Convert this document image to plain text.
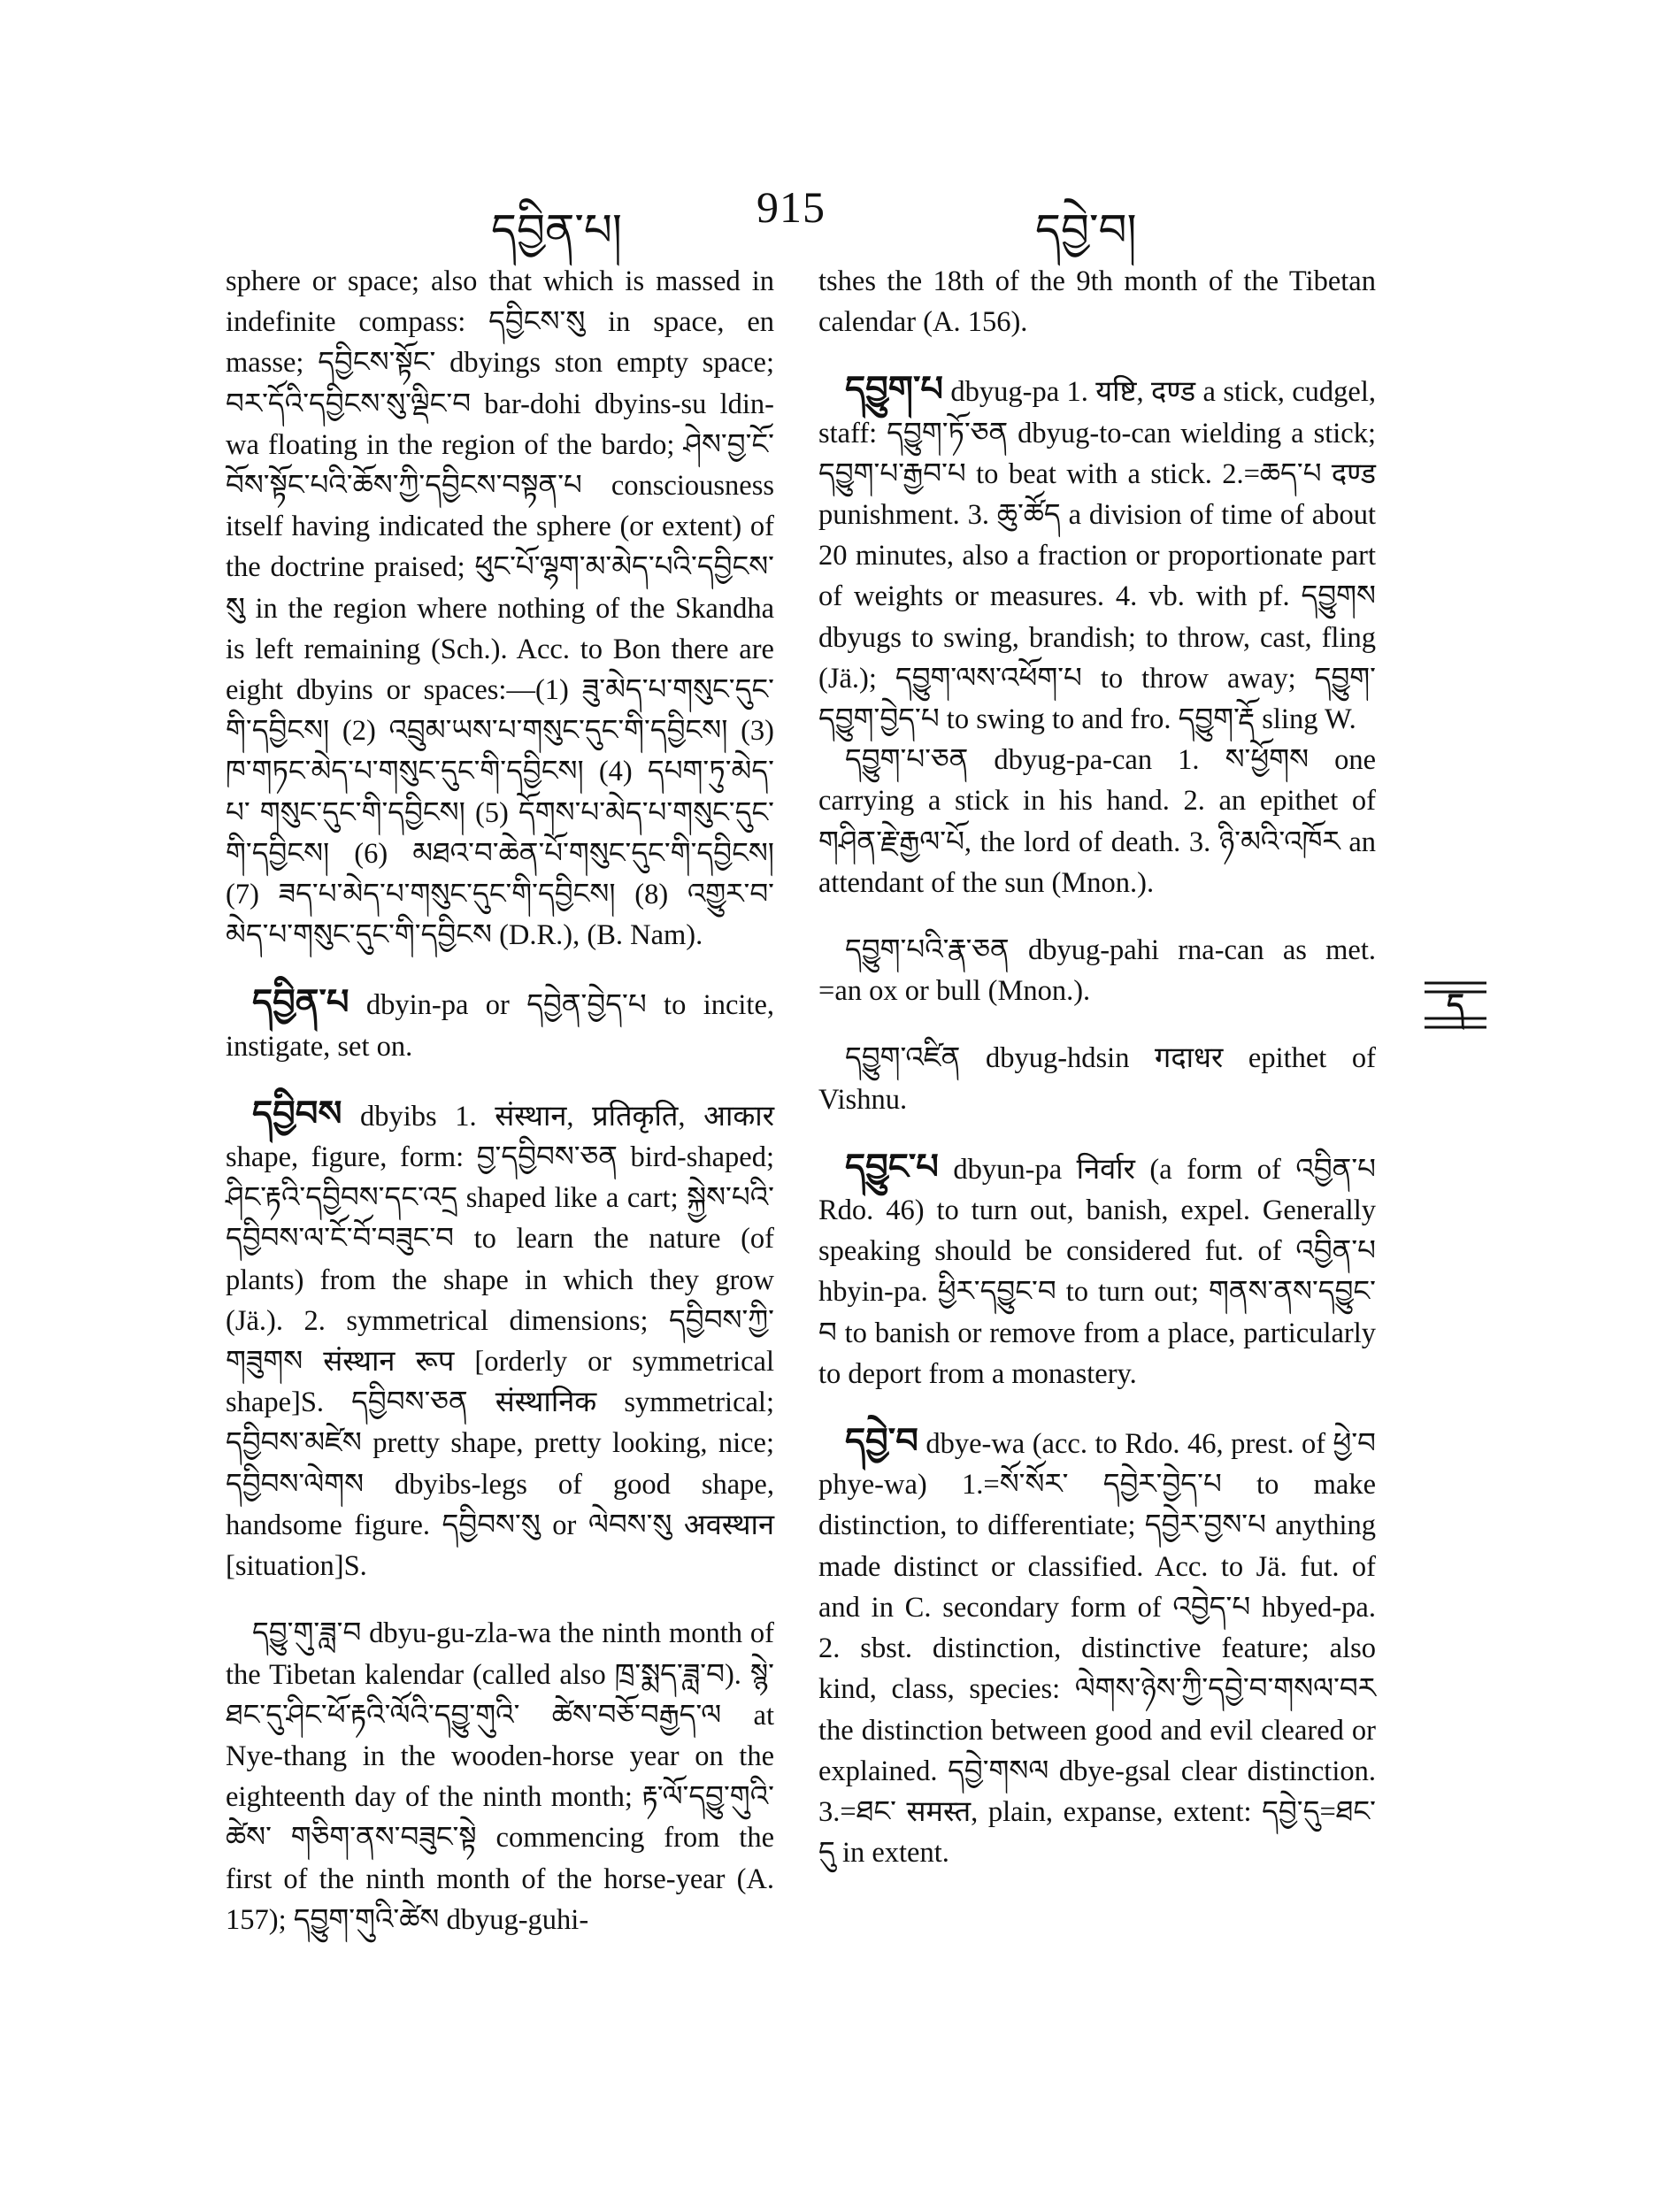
དབྱིན་པ།	915	དབྱེ་བ།

sphere or space; also that which is massed in indefinite compass: དབྱིངས་སུ in space, en masse; དབྱིངས་སྟོང་ dbyings ston empty space; བར་དོའི་དབྱིངས་སུ་ལྡིང་བ bar-dohi dbyins-su ldin-wa floating in the region of the bardo; ཤེས་བྱ་ངོ་བོས་སྟོང་པའི་ཆོས་ཀྱི་དབྱིངས་བསྟན་པ consciousness itself having indicated the sphere (or extent) of the doctrine praised; ཕུང་པོ་ལྷག་མ་མེད་པའི་དབྱིངས་སུ in the region where nothing of the Skandha is left remaining (Sch.). Acc. to Bon there are eight dbyins or spaces:—(1) ཟུ་མེད་པ་གསུང་དུང་གི་དབྱིངས། (2) འབྲུམ་ཡས་པ་གསུང་དུང་གི་དབྱིངས། (3) ཁ་གཏང་མེད་པ་གསུང་དུང་གི་དབྱིངས། (4) དཔག་ཏུ་མེད་པ་ གསུང་དུང་གི་དབྱིངས། (5) དོགས་པ་མེད་པ་གསུང་དུང་གི་དབྱིངས། (6) མཐའ་བ་ཆེན་པོ་གསུང་དུང་གི་དབྱིངས། (7) ཟད་པ་མེད་པ་གསུང་དུང་གི་དབྱིངས། (8) འགྱུར་བ་མེད་པ་གསུང་དུང་གི་དབྱིངས (D.R.), (B. Nam).

དབྱིན་པ dbyin-pa or དབྱེན་བྱེད་པ to incite, instigate, set on.

དབྱིབས dbyibs 1. संस्थान, प्रतिकृति, आकार shape, figure, form: བྱ་དབྱིབས་ཅན bird-shaped; ཤིང་རྟའི་དབྱིབས་དང་འདྲ shaped like a cart; སྐྱེས་པའི་དབྱིབས་ལ་ངོ་བོ་བཟུང་བ to learn the nature (of plants) from the shape in which they grow (Jä.). 2. symmetrical dimensions; དབྱིབས་ཀྱི་གཟུགས संस्थान रूप [orderly or symmetrical shape]S. དབྱིབས་ཅན संस्थानिक symmetrical; དབྱིབས་མཛེས pretty shape, pretty looking, nice; དབྱིབས་ལེགས dbyibs-legs of good shape, handsome figure. དབྱིབས་སུ or ལེབས་སུ अवस्थान [situation]S.

དབྱུ་གུ་ཟླ་བ dbyu-gu-zla-wa the ninth month of the Tibetan kalendar (called also ཁྲ་སྨད་ཟླ་བ). སྙེ་ཐང་དུ་ཤིང་ཕོ་རྟའི་ལོའི་དབྱུ་གུའི་ ཚེས་བཅོ་བརྒྱད་ལ at Nye-thang in the wooden-horse year on the eighteenth day of the ninth month; རྟ་ལོ་དབྱུ་གུའི་ཚེས་ གཅིག་ནས་བཟུང་སྟེ commencing from the first of the ninth month of the horse-year (A. 157); དབྱུག་གུའི་ཚེས dbyug-guhi-

tshes the 18th of the 9th month of the Tibetan calendar (A. 156).

དབྱུག་པ dbyug-pa 1. यष्टि, दण्ड a stick, cudgel, staff: དབྱུག་ཏོ་ཅན dbyug-to-can wielding a stick; དབྱུག་པ་རྒྱབ་པ to beat with a stick. 2.=ཆད་པ दण्ड punishment. 3. ཆུ་ཚོད a division of time of about 20 minutes, also a fraction or proportionate part of weights or measures. 4. vb. with pf. དབྱུགས dbyugs to swing, brandish; to throw, cast, fling (Jä.); དབྱུག་ལས་འཕོག་པ to throw away; དབྱུག་དབྱུག་བྱེད་པ to swing to and fro. དབྱུག་རྡོ sling W.

དབྱུག་པ་ཅན dbyug-pa-can 1. ས་ཕྱོགས one carrying a stick in his hand. 2. an epithet of གཤིན་རྗེ་རྒྱལ་པོ, the lord of death. 3. ཉི་མའི་འཁོར an attendant of the sun (Mnon.).

དབྱུག་པའི་རྣ་ཅན dbyug-pahi rna-can as met. =an ox or bull (Mnon.).

དབྱུག་འཛིན dbyug-hdsin गदाधर epithet of Vishnu.

དབྱུང་པ dbyun-pa निर्वार (a form of འབྱིན་པ Rdo. 46) to turn out, banish, expel. Generally speaking should be considered fut. of འབྱིན་པ hbyin-pa. ཕྱིར་དབྱུང་བ to turn out; གནས་ནས་དབྱུང་བ to banish or remove from a place, particularly to deport from a monastery.

དབྱེ་བ dbye-wa (acc. to Rdo. 46, prest. of ཕྱེ་བ phye-wa) 1.=སོ་སོར་ དབྱེར་བྱེད་པ to make distinction, to differentiate; དབྱེར་བྱས་པ anything made distinct or classified. Acc. to Jä. fut. of and in C. secondary form of འབྱེད་པ hbyed-pa. 2. sbst. distinction, distinctive feature; also kind, class, species: ལེགས་ཉེས་ཀྱི་དབྱེ་བ་གསལ་བར the distinction between good and evil cleared or explained. དབྱེ་གསལ dbye-gsal clear distinction. 3.=ཐང་ समस्त, plain, expanse, extent: དབྱེ་དུ=ཐང་དུ in extent.

ད
